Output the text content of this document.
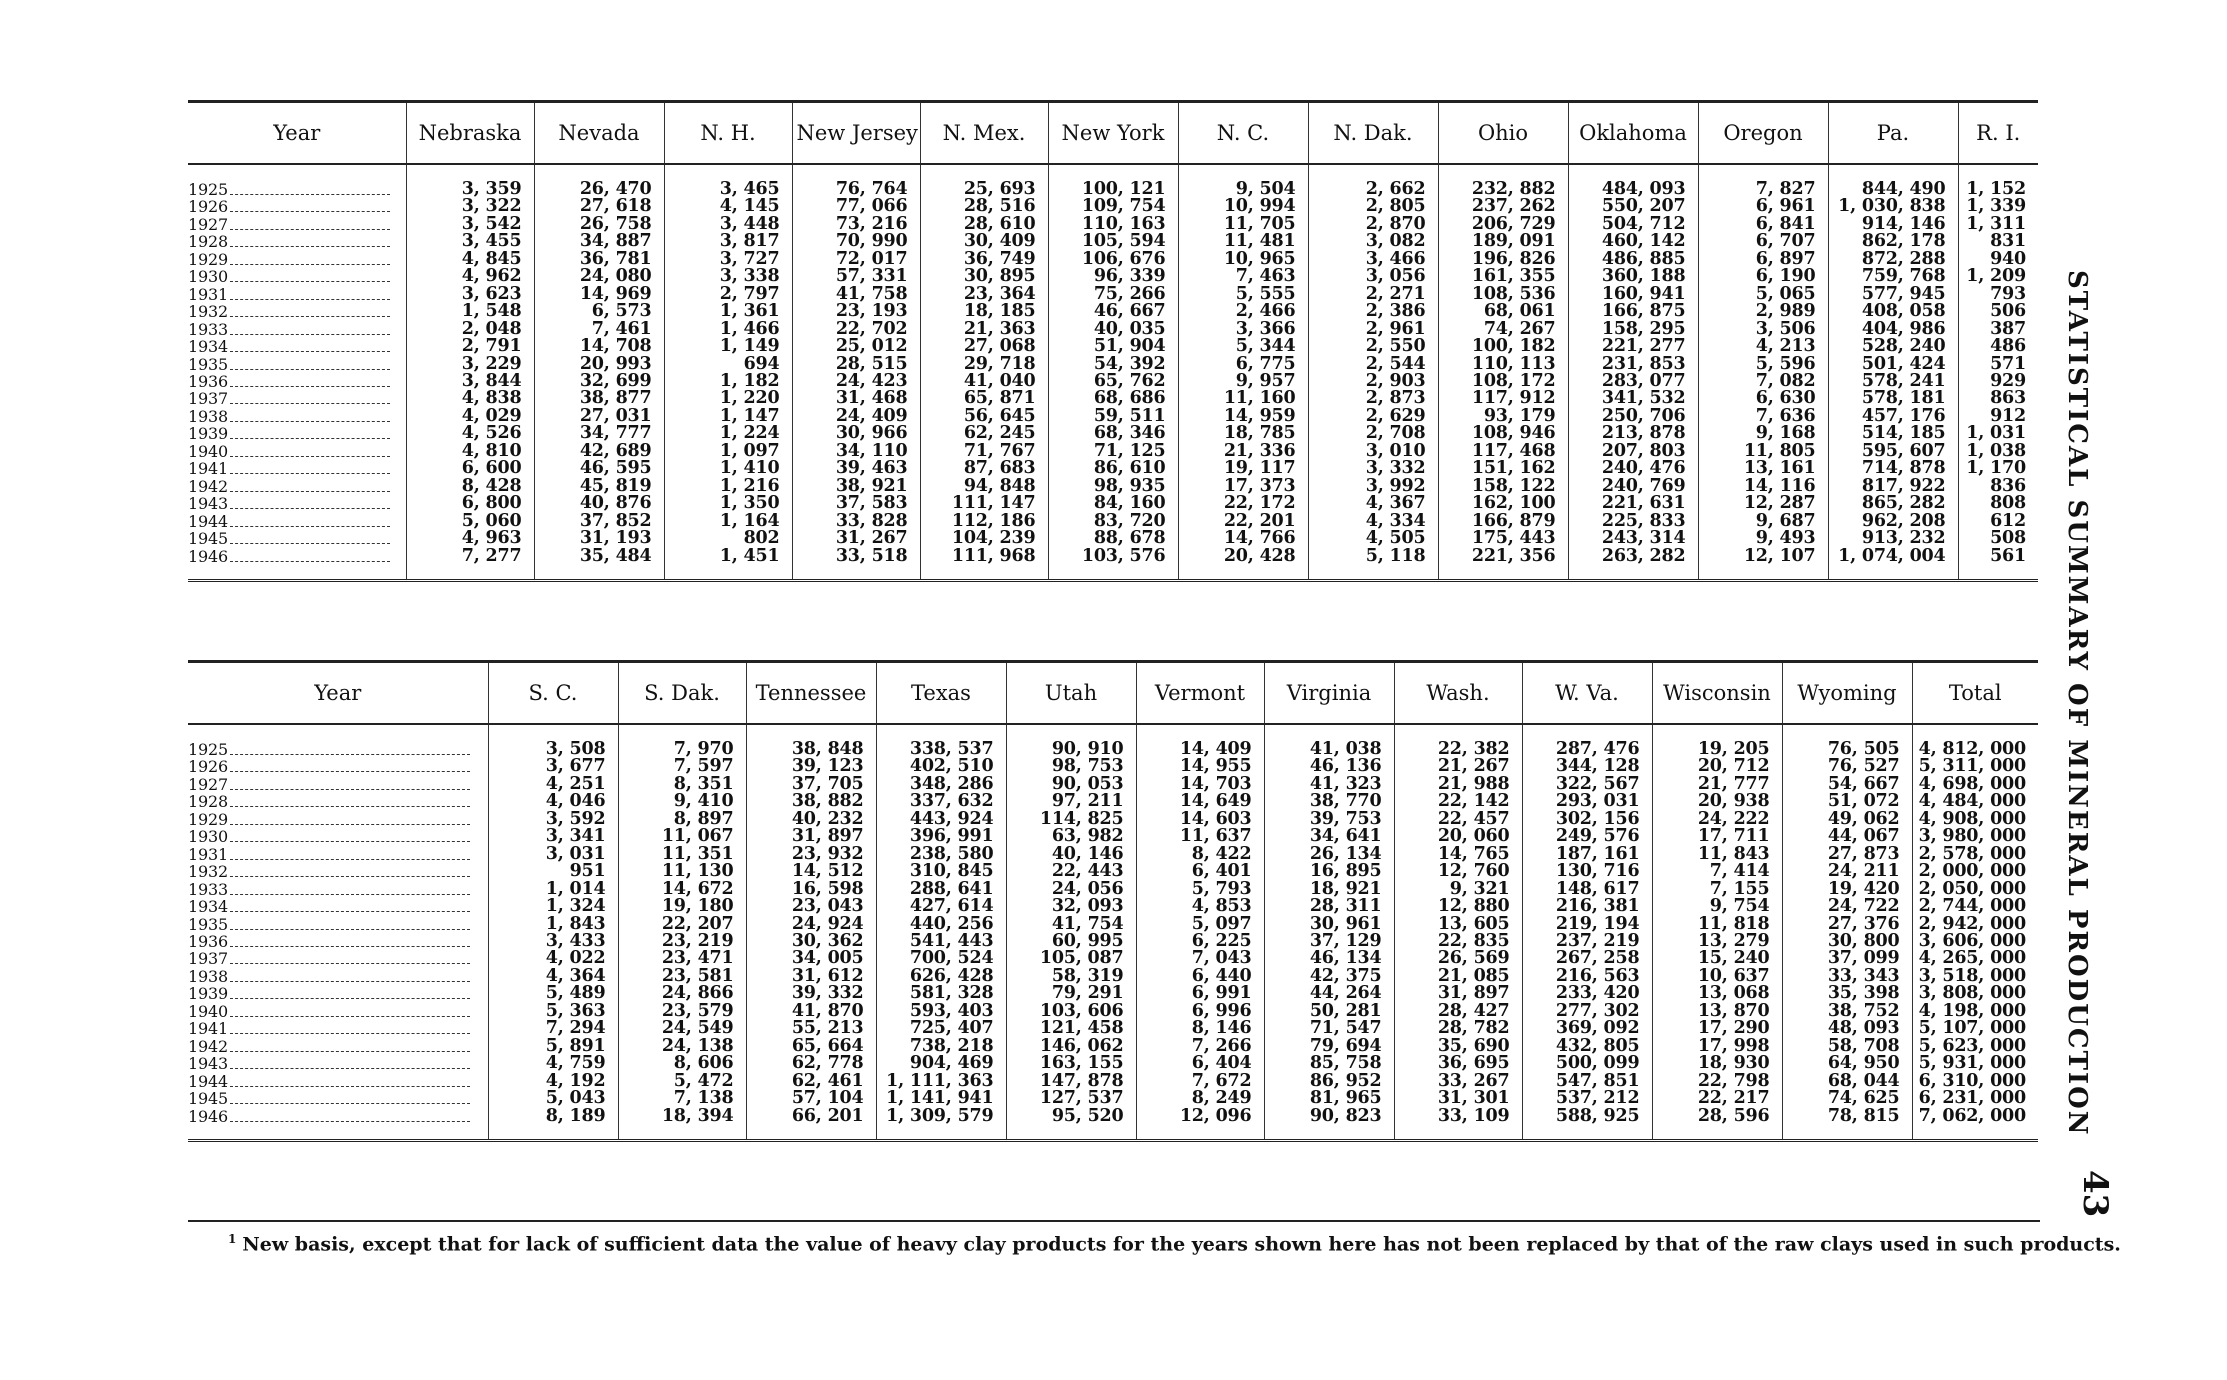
Year	Nebraska	Nevada	N. H.	New Jersey	N. Mex.	New York	N. C.	N. Dak.	Ohio	Oklahoma	Oregon	Pa.	R. I.
1925	3, 359	26, 470	3, 465	76, 764	25, 693	100, 121	9, 504	2, 662	232, 882	484, 093	7, 827	844, 490	1, 152
1926	3, 322	27, 618	4, 145	77, 066	28, 516	109, 754	10, 994	2, 805	237, 262	550, 207	6, 961	1, 030, 838	1, 339
1927	3, 542	26, 758	3, 448	73, 216	28, 610	110, 163	11, 705	2, 870	206, 729	504, 712	6, 841	914, 146	1, 311
1928	3, 455	34, 887	3, 817	70, 990	30, 409	105, 594	11, 481	3, 082	189, 091	460, 142	6, 707	862, 178	831
1929	4, 845	36, 781	3, 727	72, 017	36, 749	106, 676	10, 965	3, 466	196, 826	486, 885	6, 897	872, 288	940
1930	4, 962	24, 080	3, 338	57, 331	30, 895	96, 339	7, 463	3, 056	161, 355	360, 188	6, 190	759, 768	1, 209
1931	3, 623	14, 969	2, 797	41, 758	23, 364	75, 266	5, 555	2, 271	108, 536	160, 941	5, 065	577, 945	793
1932	1, 548	6, 573	1, 361	23, 193	18, 185	46, 667	2, 466	2, 386	68, 061	166, 875	2, 989	408, 058	506
1933	2, 048	7, 461	1, 466	22, 702	21, 363	40, 035	3, 366	2, 961	74, 267	158, 295	3, 506	404, 986	387
1934	2, 791	14, 708	1, 149	25, 012	27, 068	51, 904	5, 344	2, 550	100, 182	221, 277	4, 213	528, 240	486
1935	3, 229	20, 993	694	28, 515	29, 718	54, 392	6, 775	2, 544	110, 113	231, 853	5, 596	501, 424	571
1936	3, 844	32, 699	1, 182	24, 423	41, 040	65, 762	9, 957	2, 903	108, 172	283, 077	7, 082	578, 241	929
1937	4, 838	38, 877	1, 220	31, 468	65, 871	68, 686	11, 160	2, 873	117, 912	341, 532	6, 630	578, 181	863
1938	4, 029	27, 031	1, 147	24, 409	56, 645	59, 511	14, 959	2, 629	93, 179	250, 706	7, 636	457, 176	912
1939	4, 526	34, 777	1, 224	30, 966	62, 245	68, 346	18, 785	2, 708	108, 946	213, 878	9, 168	514, 185	1, 031
1940	4, 810	42, 689	1, 097	34, 110	71, 767	71, 125	21, 336	3, 010	117, 468	207, 803	11, 805	595, 607	1, 038
1941	6, 600	46, 595	1, 410	39, 463	87, 683	86, 610	19, 117	3, 332	151, 162	240, 476	13, 161	714, 878	1, 170
1942	8, 428	45, 819	1, 216	38, 921	94, 848	98, 935	17, 373	3, 992	158, 122	240, 769	14, 116	817, 922	836
1943	6, 800	40, 876	1, 350	37, 583	111, 147	84, 160	22, 172	4, 367	162, 100	221, 631	12, 287	865, 282	808
1944	5, 060	37, 852	1, 164	33, 828	112, 186	83, 720	22, 201	4, 334	166, 879	225, 833	9, 687	962, 208	612
1945	4, 963	31, 193	802	31, 267	104, 239	88, 678	14, 766	4, 505	175, 443	243, 314	9, 493	913, 232	508
1946	7, 277	35, 484	1, 451	33, 518	111, 968	103, 576	20, 428	5, 118	221, 356	263, 282	12, 107	1, 074, 004	561
Year	S. C.	S. Dak.	Tennessee	Texas	Utah	Vermont	Virginia	Wash.	W. Va.	Wisconsin	Wyoming	Total
1925	3, 508	7, 970	38, 848	338, 537	90, 910	14, 409	41, 038	22, 382	287, 476	19, 205	76, 505	4, 812, 000
1926	3, 677	7, 597	39, 123	402, 510	98, 753	14, 955	46, 136	21, 267	344, 128	20, 712	76, 527	5, 311, 000
1927	4, 251	8, 351	37, 705	348, 286	90, 053	14, 703	41, 323	21, 988	322, 567	21, 777	54, 667	4, 698, 000
1928	4, 046	9, 410	38, 882	337, 632	97, 211	14, 649	38, 770	22, 142	293, 031	20, 938	51, 072	4, 484, 000
1929	3, 592	8, 897	40, 232	443, 924	114, 825	14, 603	39, 753	22, 457	302, 156	24, 222	49, 062	4, 908, 000
1930	3, 341	11, 067	31, 897	396, 991	63, 982	11, 637	34, 641	20, 060	249, 576	17, 711	44, 067	3, 980, 000
1931	3, 031	11, 351	23, 932	238, 580	40, 146	8, 422	26, 134	14, 765	187, 161	11, 843	27, 873	2, 578, 000
1932	951	11, 130	14, 512	310, 845	22, 443	6, 401	16, 895	12, 760	130, 716	7, 414	24, 211	2, 000, 000
1933	1, 014	14, 672	16, 598	288, 641	24, 056	5, 793	18, 921	9, 321	148, 617	7, 155	19, 420	2, 050, 000
1934	1, 324	19, 180	23, 043	427, 614	32, 093	4, 853	28, 311	12, 880	216, 381	9, 754	24, 722	2, 744, 000
1935	1, 843	22, 207	24, 924	440, 256	41, 754	5, 097	30, 961	13, 605	219, 194	11, 818	27, 376	2, 942, 000
1936	3, 433	23, 219	30, 362	541, 443	60, 995	6, 225	37, 129	22, 835	237, 219	13, 279	30, 800	3, 606, 000
1937	4, 022	23, 471	34, 005	700, 524	105, 087	7, 043	46, 134	26, 569	267, 258	15, 240	37, 099	4, 265, 000
1938	4, 364	23, 581	31, 612	626, 428	58, 319	6, 440	42, 375	21, 085	216, 563	10, 637	33, 343	3, 518, 000
1939	5, 489	24, 866	39, 332	581, 328	79, 291	6, 991	44, 264	31, 897	233, 420	13, 068	35, 398	3, 808, 000
1940	5, 363	23, 579	41, 870	593, 403	103, 606	6, 996	50, 281	28, 427	277, 302	13, 870	38, 752	4, 198, 000
1941	7, 294	24, 549	55, 213	725, 407	121, 458	8, 146	71, 547	28, 782	369, 092	17, 290	48, 093	5, 107, 000
1942	5, 891	24, 138	65, 664	738, 218	146, 062	7, 266	79, 694	35, 690	432, 805	17, 998	58, 708	5, 623, 000
1943	4, 759	8, 606	62, 778	904, 469	163, 155	6, 404	85, 758	36, 695	500, 099	18, 930	64, 950	5, 931, 000
1944	4, 192	5, 472	62, 461	1, 111, 363	147, 878	7, 672	86, 952	33, 267	547, 851	22, 798	68, 044	6, 310, 000
1945	5, 043	7, 138	57, 104	1, 141, 941	127, 537	8, 249	81, 965	31, 301	537, 212	22, 217	74, 625	6, 231, 000
1946	8, 189	18, 394	66, 201	1, 309, 579	95, 520	12, 096	90, 823	33, 109	588, 925	28, 596	78, 815	7, 062, 000
$^1$ New basis, except that for lack of sufficient data the value of heavy clay products for the years shown here has not been replaced by that of the raw clays used in such products.
STATISTICAL SUMMARY OF MINERAL PRODUCTION
43
